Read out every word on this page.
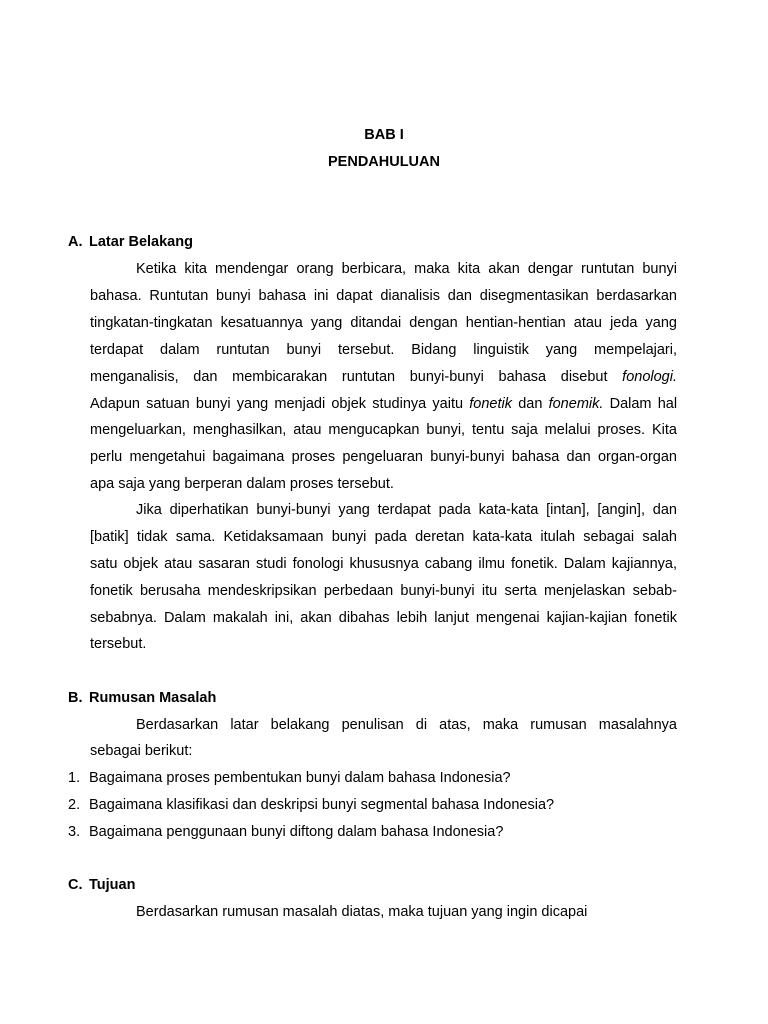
BAB I
PENDAHULUAN
A. Latar Belakang
Ketika kita mendengar orang berbicara, maka kita akan dengar runtutan bunyi
bahasa. Runtutan bunyi bahasa ini dapat dianalisis dan disegmentasikan berdasarkan
tingkatan-tingkatan kesatuannya yang ditandai dengan hentian-hentian atau jeda yang
terdapat dalam runtutan bunyi tersebut. Bidang linguistik yang mempelajari,
menganalisis, dan membicarakan runtutan bunyi-bunyi bahasa disebut fonologi.
Adapun satuan bunyi yang menjadi objek studinya yaitu fonetik dan fonemik. Dalam hal
mengeluarkan, menghasilkan, atau mengucapkan bunyi, tentu saja melalui proses. Kita
perlu mengetahui bagaimana proses pengeluaran bunyi-bunyi bahasa dan organ-organ
apa saja yang berperan dalam proses tersebut.
Jika diperhatikan bunyi-bunyi yang terdapat pada kata-kata [intan], [angin], dan
[batik] tidak sama. Ketidaksamaan bunyi pada deretan kata-kata itulah sebagai salah
satu objek atau sasaran studi fonologi khususnya cabang ilmu fonetik. Dalam kajiannya,
fonetik berusaha mendeskripsikan perbedaan bunyi-bunyi itu serta menjelaskan sebab-
sebabnya. Dalam makalah ini, akan dibahas lebih lanjut mengenai kajian-kajian fonetik
tersebut.
B. Rumusan Masalah
Berdasarkan latar belakang penulisan di atas, maka rumusan masalahnya
sebagai berikut:
1. Bagaimana proses pembentukan bunyi dalam bahasa Indonesia?
2. Bagaimana klasifikasi dan deskripsi bunyi segmental bahasa Indonesia?
3. Bagaimana penggunaan bunyi diftong dalam bahasa Indonesia?
C. Tujuan
Berdasarkan rumusan masalah diatas, maka tujuan yang ingin dicapai
